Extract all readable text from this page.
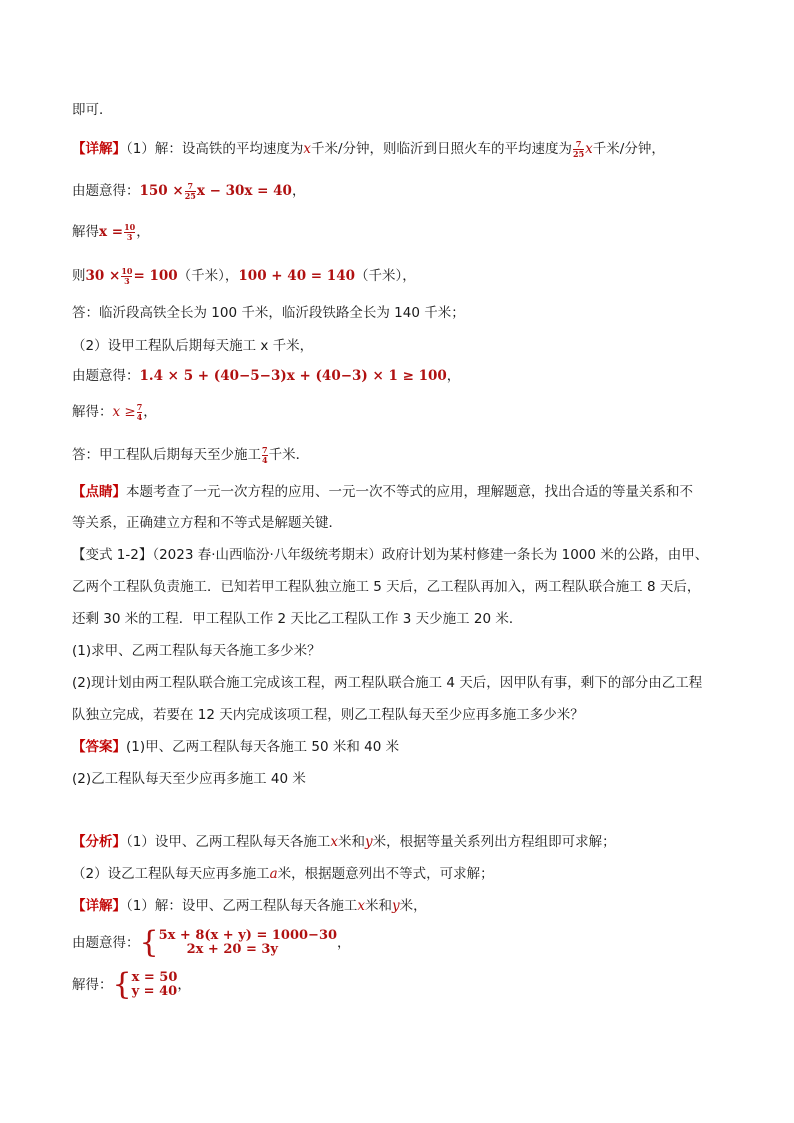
即可．
【详解】（1）解：设高铁的平均速度为x千米/分钟，则临沂到日照火车的平均速度为 $\frac{7}{25}$ x千米/分钟，
由题意得：$150 \times \frac{7}{25}$ x − 30x = 40，
解得$x = \frac{10}{3}$ ，
则$30 \times \frac{10}{3} = 100$（千米），100 + 40 = 140（千米），
答：临沂段高铁全长为 100 千米，临沂段铁路全长为 140 千米；
（2）设甲工程队后期每天施工 x 千米，
由题意得：1.4 × 5 + (40−5−3)x + (40−3) × 1 ≥ 100，
解得：$x \ge \frac{7}{4}$ ，
答：甲工程队后期每天至少施工 $\frac{7}{4}$ 千米．
【点睛】本题考查了一元一次方程的应用、一元一次不等式的应用，理解题意，找出合适的等量关系和不
等关系，正确建立方程和不等式是解题关键．
【变式 1-2】（2023 春·山西临汾·八年级统考期末）政府计划为某村修建一条长为 1000 米的公路，由甲、
乙两个工程队负责施工．已知若甲工程队独立施工 5 天后，乙工程队再加入，两工程队联合施工 8 天后，
还剩 30 米的工程．甲工程队工作 2 天比乙工程队工作 3 天少施工 20 米．
(1)求甲、乙两工程队每天各施工多少米？
(2)现计划由两工程队联合施工完成该工程，两工程队联合施工 4 天后，因甲队有事，剩下的部分由乙工程
队独立完成，若要在 12 天内完成该项工程，则乙工程队每天至少应再多施工多少米？
【答案】(1)甲、乙两工程队每天各施工 50 米和 40 米
(2)乙工程队每天至少应再多施工 40 米
【分析】（1）设甲、乙两工程队每天各施工x米和y米，根据等量关系列出方程组即可求解；
（2）设乙工程队每天应再多施工a米，根据题意列出不等式，可求解；
【详解】（1）解：设甲、乙两工程队每天各施工x米和y米，
由题意得：{ 5x + 8(x + y) = 1000−30
2x + 20 = 3y	，
解得：{ x = 50
y = 40 ，
